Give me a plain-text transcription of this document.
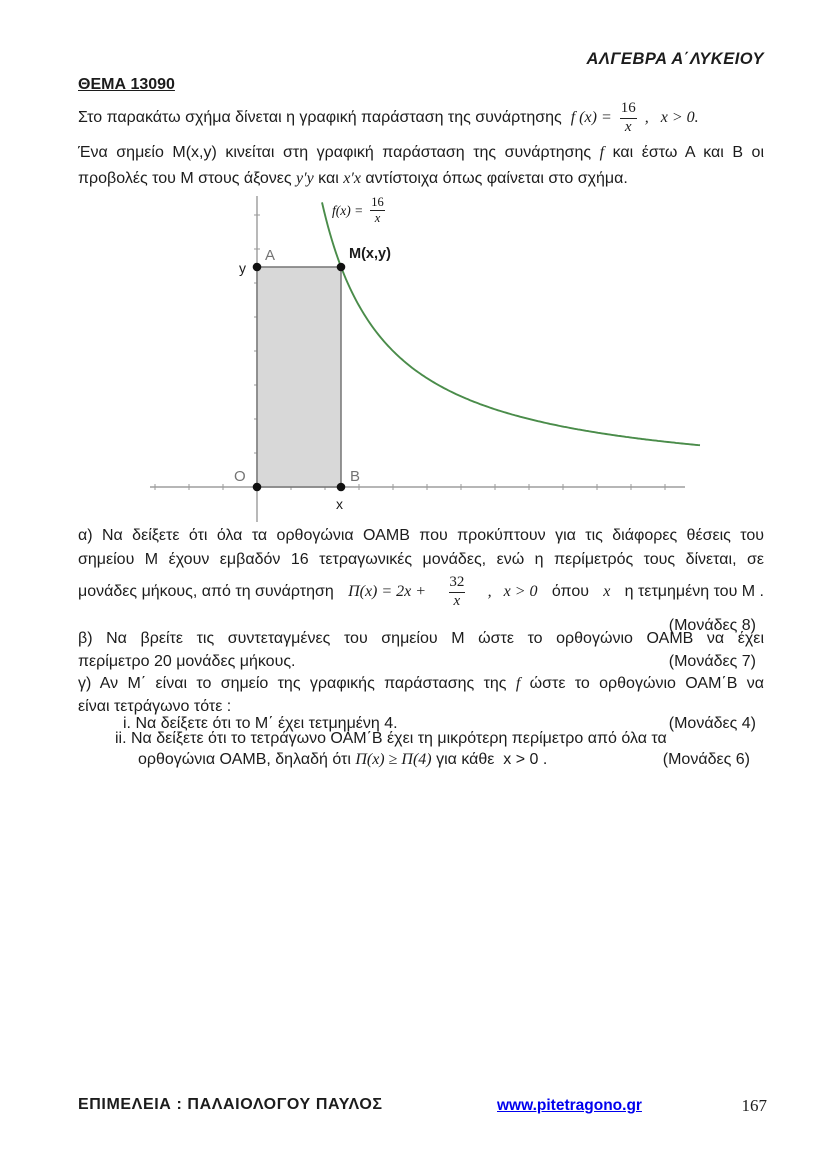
ΑΛΓΕΒΡΑ Α΄ΛΥΚΕΙΟΥ
ΘΕΜΑ 13090
Στο παρακάτω σχήμα δίνεται η γραφική παράσταση της συνάρτησης f $(x) = \frac{16}{x}$ ,   x > 0.
Ένα σημείο Μ(x,y) κινείται στη γραφική παράσταση της συνάρτησης f και έστω Α και Β οι
προβολές του Μ στους άξονες y′y και x′x αντίστοιχα όπως φαίνεται στο σχήμα.
A	M(x,y)
O	B
y
x
$f(x) = \frac{16}{x}$
α) Να δείξετε ότι όλα τα ορθογώνια ΟΑΜΒ που προκύπτουν για τις διάφορες θέσεις του
σημείου Μ έχουν εμβαδόν 16 τετραγωνικές μονάδες, ενώ η περίμετρός τους δίνεται, σε
μονάδες μήκους, από τη συνάρτηση $\Pi(x) = 2x + \frac{32}{x}$ ,   x > 0 όπου x η τετμημένη του Μ .
(Μονάδες 8)
β) Να βρείτε τις συντεταγμένες του σημείου Μ ώστε το ορθογώνιο ΟΑΜΒ να έχει
περίμετρο 20 μονάδες μήκους.	(Μονάδες 7)
γ) Αν Μ΄ είναι το σημείο της γραφικής παράστασης της f ώστε το ορθογώνιο ΟΑΜ΄Β να
είναι τετράγωνο τότε :
i. Να δείξετε ότι το Μ΄ έχει τετμημένη 4.	(Μονάδες 4)
ii. Να δείξετε ότι το τετράγωνο ΟΑΜ΄Β έχει τη μικρότερη περίμετρο από όλα τα
ορθογώνια ΟΑΜΒ, δηλαδή ότι Π(x) ≥ Π(4) για κάθε  x > 0 .	(Μονάδες 6)
ΕΠΙΜΕΛΕΙΑ : ΠΑΛΑΙΟΛΟΓΟΥ ΠΑΥΛΟΣ	www.pitetragono.gr	167
